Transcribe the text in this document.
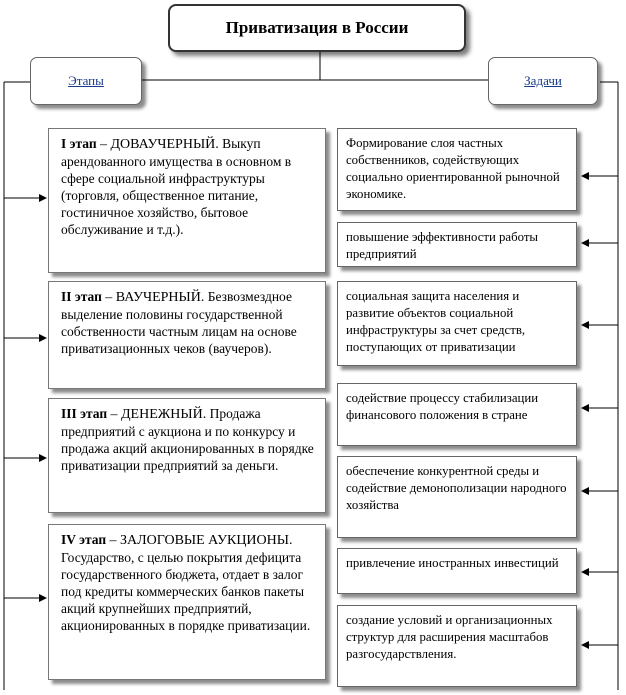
Приватизация в России
Этапы	Задачи
I этап – ДОВАУЧЕРНЫЙ. Выкуп арендованного имущества в основном в сфере социальной инфраструктуры (торговля, общественное питание, гостиничное хозяйство, бытовое обслуживание и т.д.).
II этап – ВАУЧЕРНЫЙ. Безвозмездное выделение половины государственной собственности частным лицам на основе приватизационных чеков (ваучеров).
III этап – ДЕНЕЖНЫЙ. Продажа предприятий с аукциона и по конкурсу и продажа акций акционированных в порядке приватизации предприятий за деньги.
IV этап – ЗАЛОГОВЫЕ АУКЦИОНЫ. Государство, с целью покрытия дефицита государственного бюджета, отдает в залог под кредиты коммерческих банков пакеты акций крупнейших предприятий, акционированных в порядке приватизации.
Формирование слоя частных собственников, содействующих социально ориентированной рыночной экономике.
повышение эффективности работы предприятий
социальная защита населения и развитие объектов социальной инфраструктуры за счет средств, поступающих от приватизации
содействие процессу стабилизации финансового положения в стране
обеспечение конкурентной среды и содействие демонополизации народного хозяйства
привлечение иностранных инвестиций
создание условий и организационных структур для расширения масштабов разгосударствления.
